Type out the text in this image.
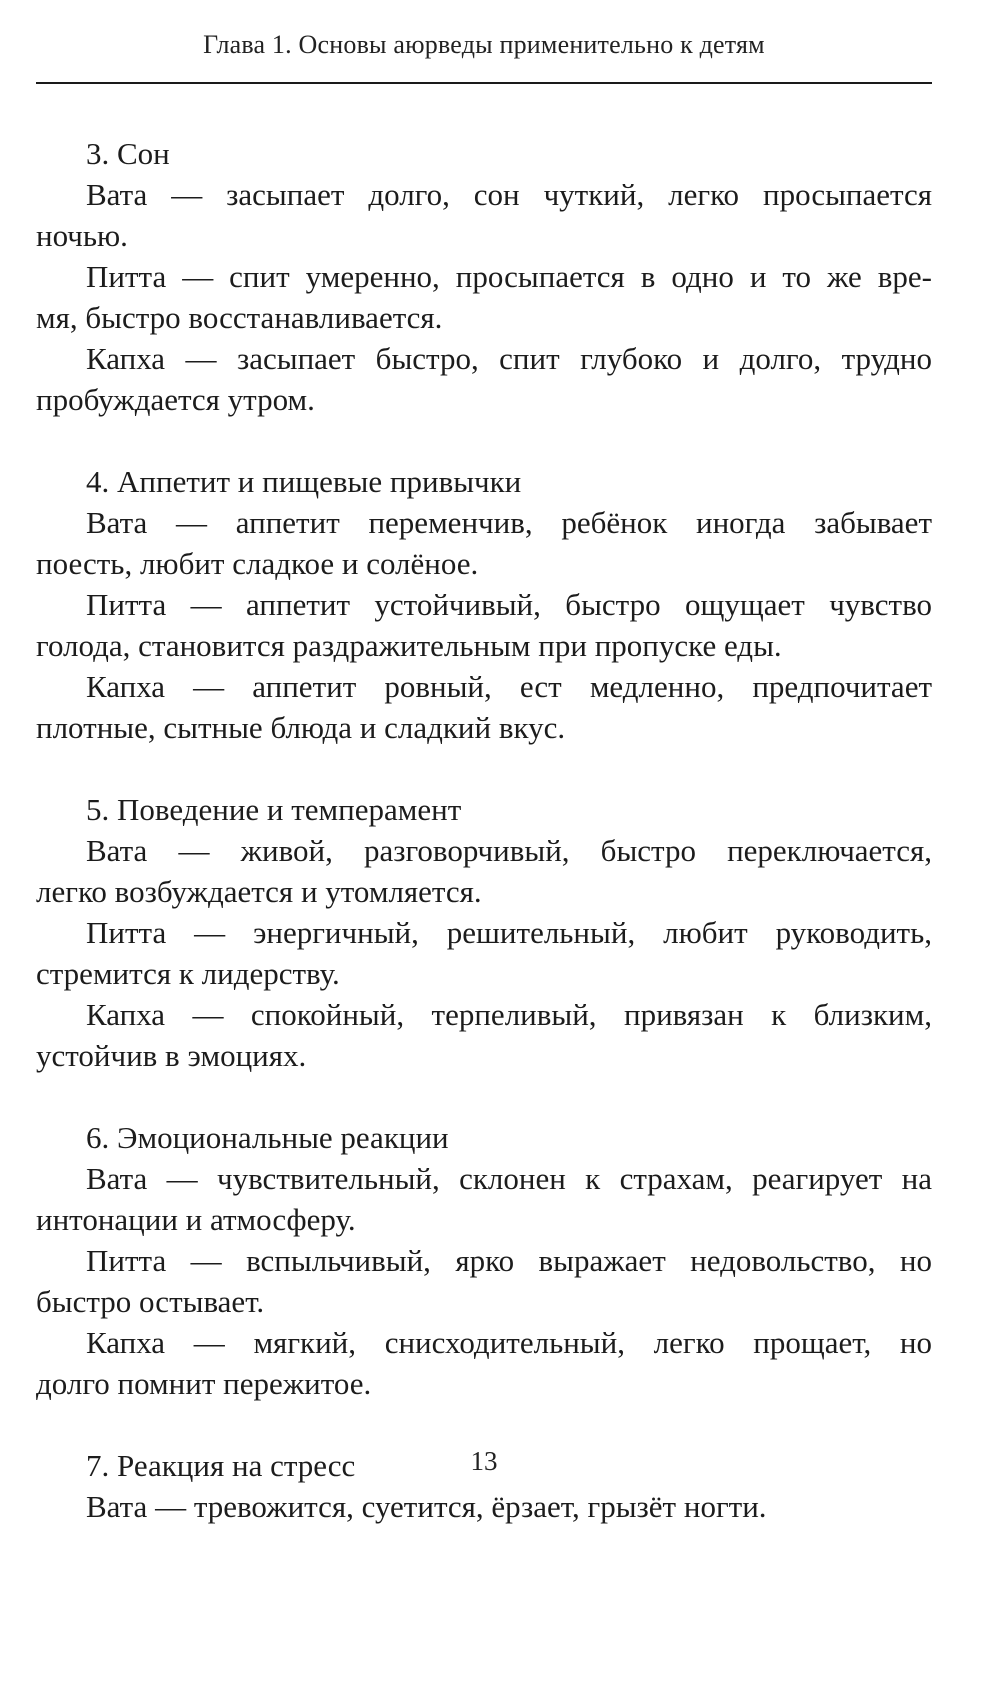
Глава 1. Основы аюрведы применительно к детям
3. Сон

Вата — засыпает долго, сон чуткий, легко просыпается
ночью.

Питта — спит умеренно, просыпается в одно и то же вре-
мя, быстро восстанавливается.

Капха — засыпает быстро, спит глубоко и долго, трудно
пробуждается утром.

4. Аппетит и пищевые привычки

Вата — аппетит переменчив, ребёнок иногда забывает
поесть, любит сладкое и солёное.

Питта — аппетит устойчивый, быстро ощущает чувство
голода, становится раздражительным при пропуске еды.

Капха — аппетит ровный, ест медленно, предпочитает
плотные, сытные блюда и сладкий вкус.

5. Поведение и темперамент

Вата — живой, разговорчивый, быстро переключается,
легко возбуждается и утомляется.

Питта — энергичный, решительный, любит руководить,
стремится к лидерству.

Капха — спокойный, терпеливый, привязан к близким,
устойчив в эмоциях.

6. Эмоциональные реакции

Вата — чувствительный, склонен к страхам, реагирует на
интонации и атмосферу.

Питта — вспыльчивый, ярко выражает недовольство, но
быстро остывает.

Капха — мягкий, снисходительный, легко прощает, но
долго помнит пережитое.

7. Реакция на стресс

Вата — тревожится, суетится, ёрзает, грызёт ногти.

13
